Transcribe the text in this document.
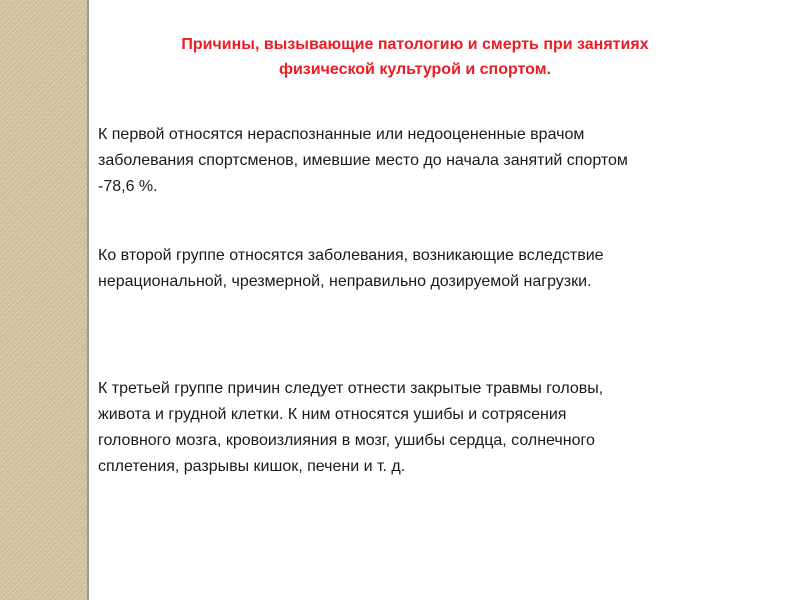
Причины, вызывающие патологию и смерть при занятиях
физической культурой и спортом.

К первой относятся нераспознанные или недооцененные врачом
заболевания спортсменов, имевшие место до начала занятий спортом
-78,6 %.

Ко второй группе относятся заболевания, возникающие вследствие
нерациональной, чрезмерной, неправильно дозируемой нагрузки.

К третьей группе причин следует отнести закрытые травмы головы,
живота и грудной клетки. К ним относятся ушибы и сотрясения
головного мозга, кровоизлияния в мозг, ушибы сердца, солнечного
сплетения, разрывы кишок, печени и т. д.
